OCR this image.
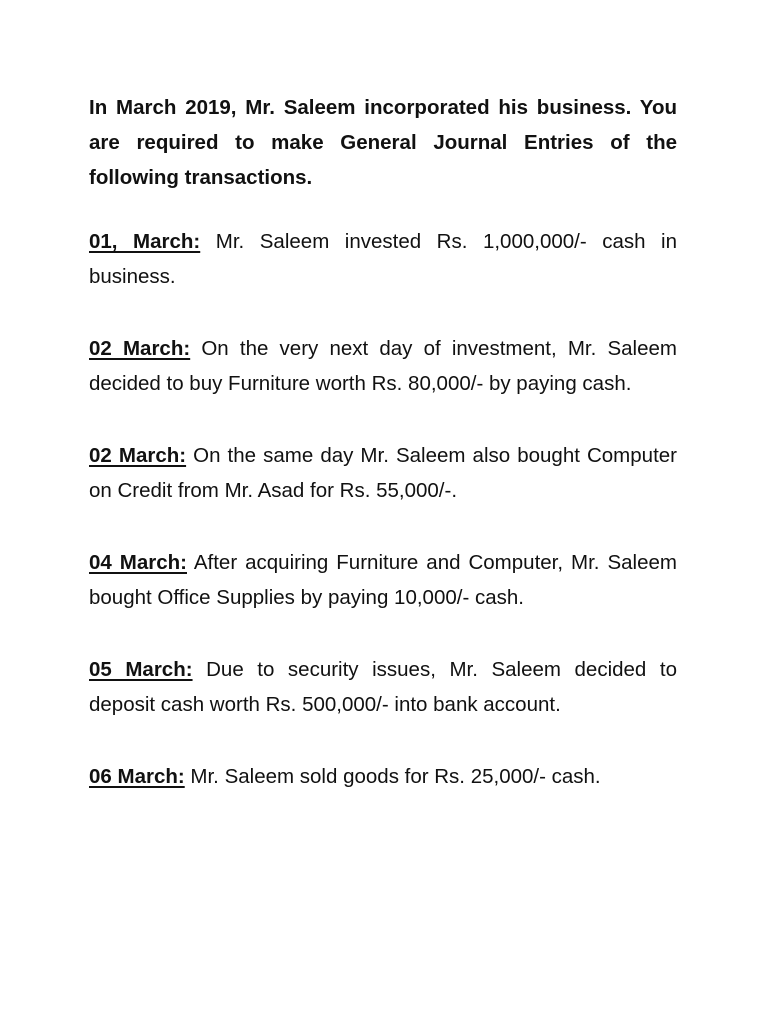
In March 2019, Mr. Saleem incorporated his business. You are required to make General Journal Entries of the following transactions.

01, March: Mr. Saleem invested Rs. 1,000,000/- cash in business.

02 March: On the very next day of investment, Mr. Saleem decided to buy Furniture worth Rs. 80,000/- by paying cash.

02 March: On the same day Mr. Saleem also bought Computer on Credit from Mr. Asad for Rs. 55,000/-.

04 March: After acquiring Furniture and Computer, Mr. Saleem bought Office Supplies by paying 10,000/- cash.

05 March: Due to security issues, Mr. Saleem decided to deposit cash worth Rs. 500,000/- into bank account.

06 March: Mr. Saleem sold goods for Rs. 25,000/- cash.
